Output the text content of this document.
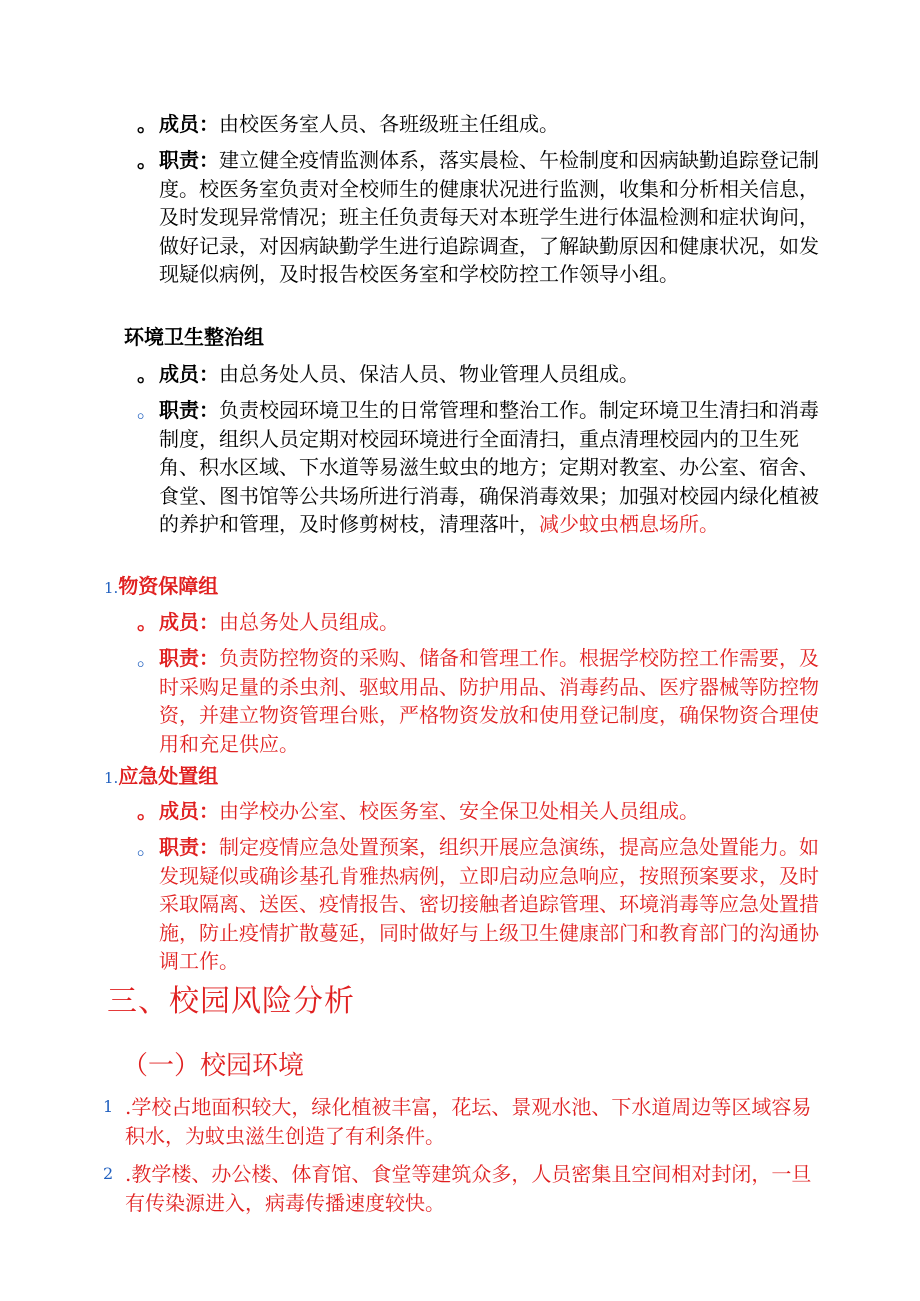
。 成员：由校医务室人员、各班级班主任组成。
。 职责：建立健全疫情监测体系，落实晨检、午检制度和因病缺勤追踪登记制度。校医务室负责对全校师生的健康状况进行监测，收集和分析相关信息，及时发现异常情况；班主任负责每天对本班学生进行体温检测和症状询问，做好记录，对因病缺勤学生进行追踪调查，了解缺勤原因和健康状况，如发现疑似病例，及时报告校医务室和学校防控工作领导小组。
环境卫生整治组
。 成员：由总务处人员、保洁人员、物业管理人员组成。
。 职责：负责校园环境卫生的日常管理和整治工作。制定环境卫生清扫和消毒制度，组织人员定期对校园环境进行全面清扫，重点清理校园内的卫生死角、积水区域、下水道等易滋生蚊虫的地方；定期对教室、办公室、宿舍、食堂、图书馆等公共场所进行消毒，确保消毒效果；加强对校园内绿化植被的养护和管理，及时修剪树枝，清理落叶，减少蚊虫栖息场所。
1.物资保障组
。 成员：由总务处人员组成。
。 职责：负责防控物资的采购、储备和管理工作。根据学校防控工作需要，及时采购足量的杀虫剂、驱蚊用品、防护用品、消毒药品、医疗器械等防控物资，并建立物资管理台账，严格物资发放和使用登记制度，确保物资合理使用和充足供应。
1.应急处置组
。 成员：由学校办公室、校医务室、安全保卫处相关人员组成。
。 职责：制定疫情应急处置预案，组织开展应急演练，提高应急处置能力。如发现疑似或确诊基孔肯雅热病例，立即启动应急响应，按照预案要求，及时采取隔离、送医、疫情报告、密切接触者追踪管理、环境消毒等应急处置措施，防止疫情扩散蔓延，同时做好与上级卫生健康部门和教育部门的沟通协调工作。
三、校园风险分析
（一）校园环境
1 .学校占地面积较大，绿化植被丰富，花坛、景观水池、下水道周边等区域容易积水，为蚊虫滋生创造了有利条件。
2 .教学楼、办公楼、体育馆、食堂等建筑众多，人员密集且空间相对封闭，一旦有传染源进入，病毒传播速度较快。
